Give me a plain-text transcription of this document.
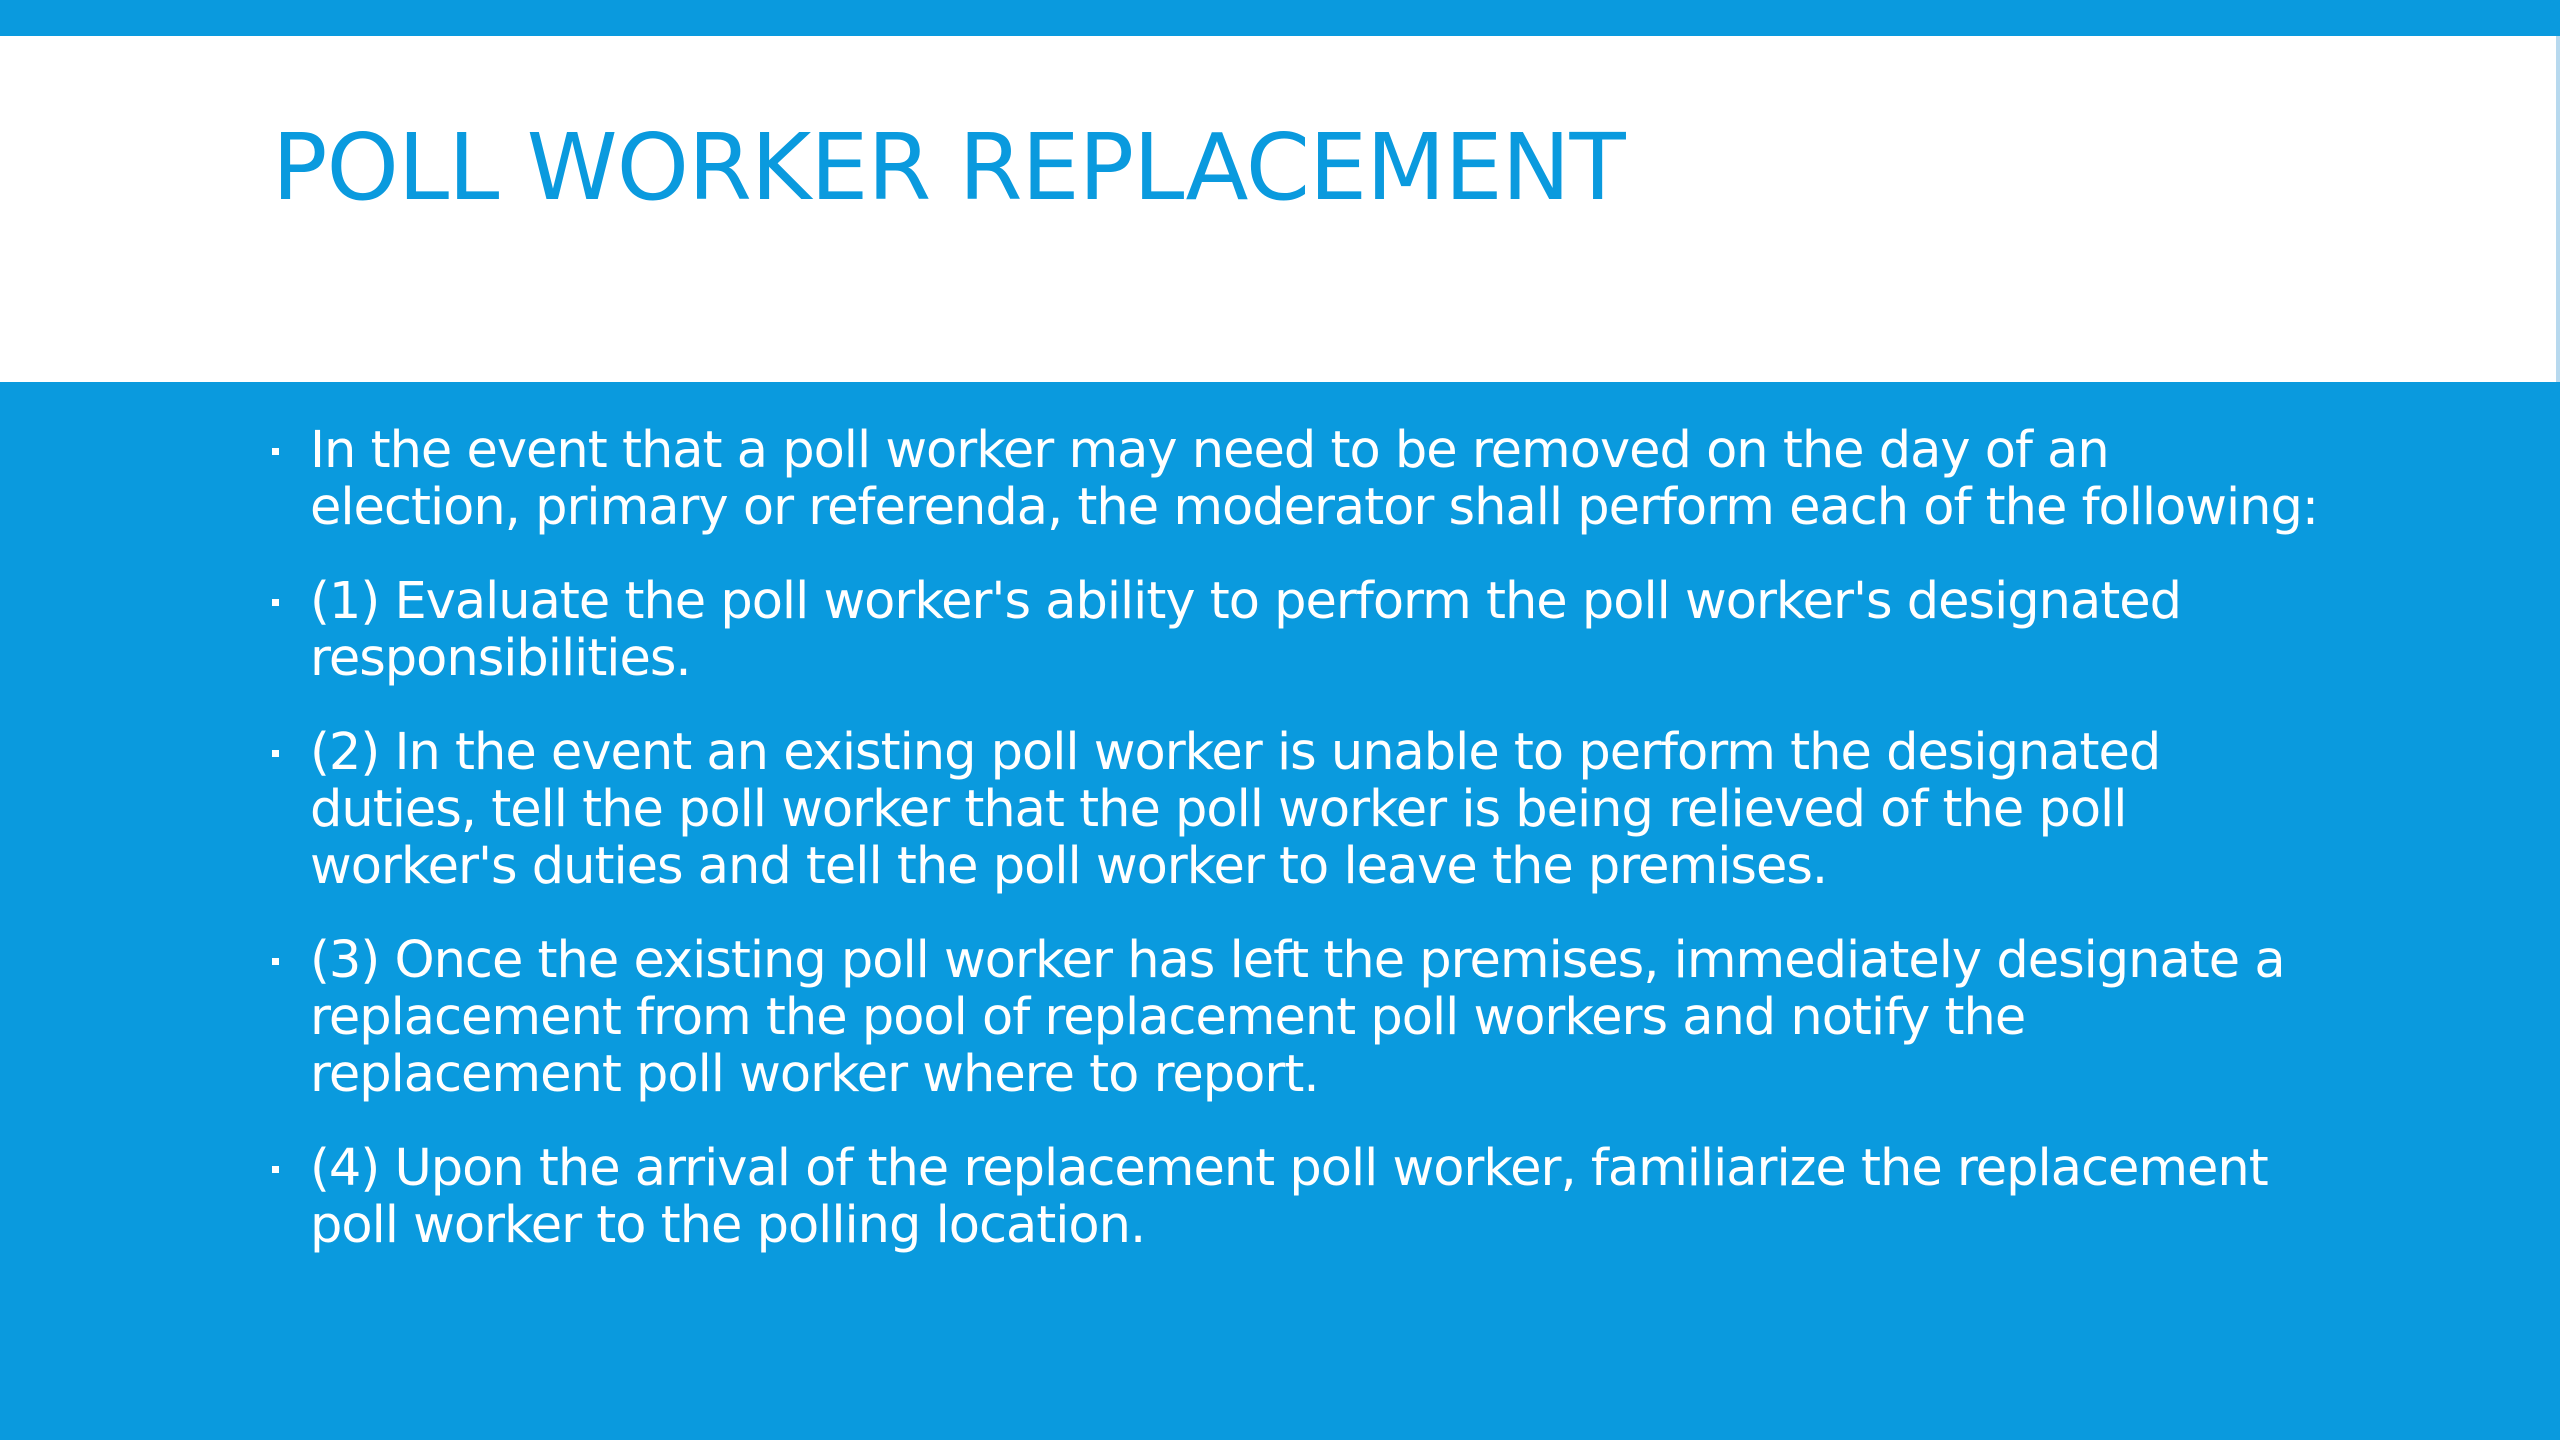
POLL WORKER REPLACEMENT
In the event that a poll worker may need to be removed on the day of an election, primary or referenda, the moderator shall perform each of the following:
(1) Evaluate the poll worker's ability to perform the poll worker's designated responsibilities.
(2) In the event an existing poll worker is unable to perform the designated duties, tell the poll worker that the poll worker is being relieved of the poll worker's duties and tell the poll worker to leave the premises.
(3) Once the existing poll worker has left the premises, immediately designate a replacement from the pool of replacement poll workers and notify the replacement poll worker where to report.
(4) Upon the arrival of the replacement poll worker, familiarize the replacement poll worker to the polling location.
